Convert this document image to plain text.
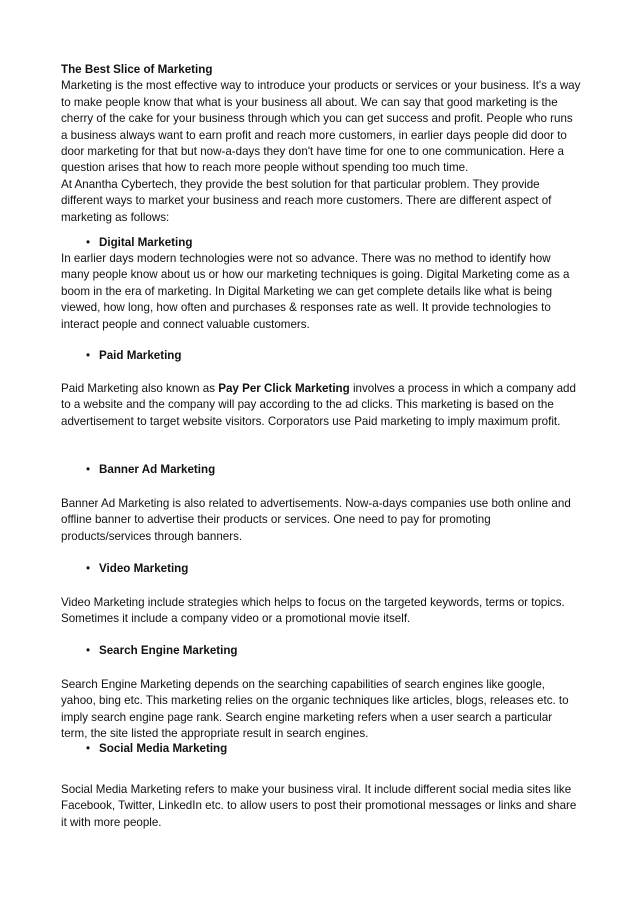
The Best Slice of Marketing

Marketing is the most effective way to introduce your products or services or your business. It's a way to make people know that what is your business all about. We can say that good marketing is the cherry of the cake for your business through which you can get success and profit. People who runs a business always want to earn profit and reach more customers, in earlier days people did door to door marketing for that but now-a-days they don't have time for one to one communication. Here a question arises that how to reach more people without spending too much time.

At Anantha Cybertech, they provide the best solution for that particular problem. They provide different ways to market your business and reach more customers. There are different aspect of marketing as follows:

• Digital Marketing

In earlier days modern technologies were not so advance. There was no method to identify how many people know about us or how our marketing techniques is going. Digital Marketing come as a boom in the era of marketing. In Digital Marketing we can get complete details like what is being viewed, how long, how often and purchases & responses rate as well. It provide technologies to interact people and connect valuable customers.

• Paid Marketing

Paid Marketing also known as Pay Per Click Marketing involves a process in which a company add to a website and the company will pay according to the ad clicks. This marketing is based on the advertisement to target website visitors. Corporators use Paid marketing to imply maximum profit.

• Banner Ad Marketing

Banner Ad Marketing is also related to advertisements. Now-a-days companies use both online and offline banner to advertise their products or services. One need to pay for promoting products/services through banners.

• Video Marketing

Video Marketing include strategies which helps to focus on the targeted keywords, terms or topics. Sometimes it include a company video or a promotional movie itself.

• Search Engine Marketing

Search Engine Marketing depends on the searching capabilities of search engines like google, yahoo, bing etc. This marketing relies on the organic techniques like articles, blogs, releases etc. to imply search engine page rank. Search engine marketing refers when a user search a particular term, the site listed the appropriate result in search engines.

• Social Media Marketing

Social Media Marketing refers to make your business viral. It include different social media sites like Facebook, Twitter, LinkedIn etc. to allow users to post their promotional messages or links and share it with more people.
